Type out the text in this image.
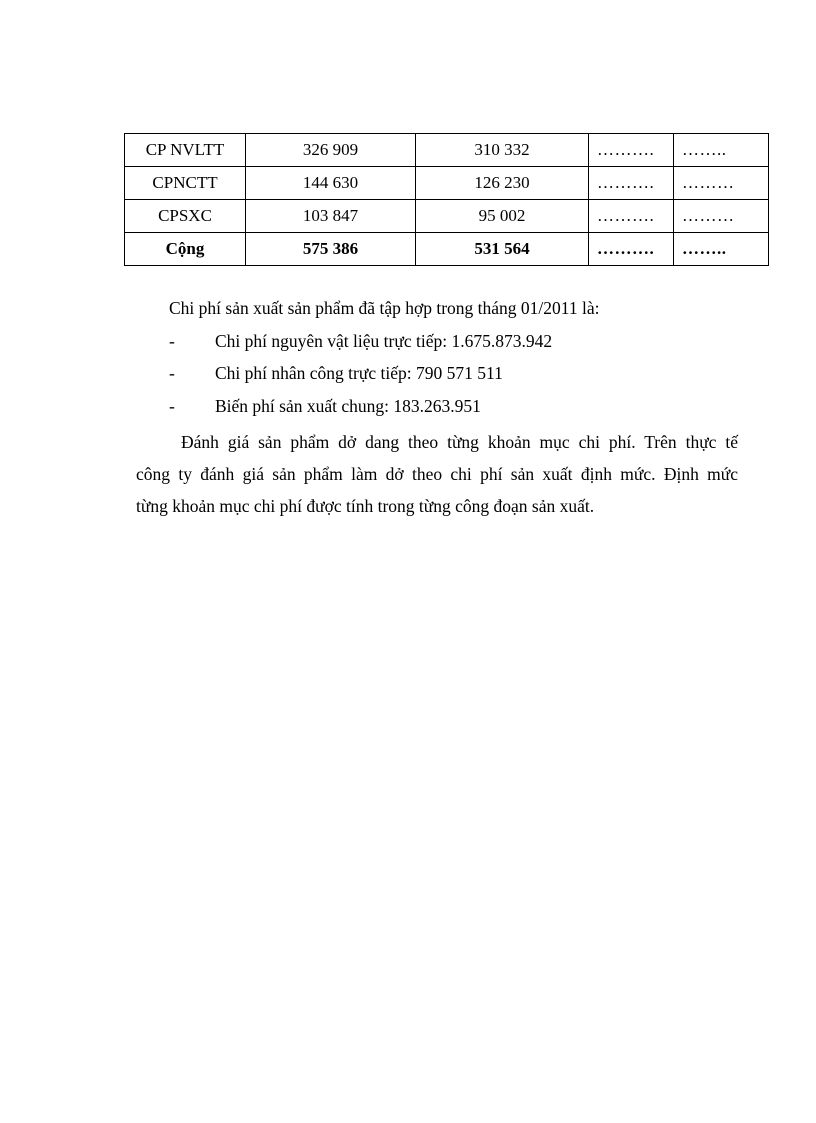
CP NVLTT	326 909	310 332	……….	……..
CPNCTT	144 630	126 230	……….	………
CPSXC	103 847	95 002	……….	………
Cộng	575 386	531 564	……….	……..
Chi phí sản xuất sản phẩm đã tập hợp trong tháng 01/2011 là:
- Chi phí nguyên vật liệu trực tiếp: 1.675.873.942
- Chi phí nhân công trực tiếp: 790 571 511
- Biến phí sản xuất chung: 183.263.951
Đánh giá sản phẩm dở dang theo từng khoản mục chi phí. Trên thực tế
công ty đánh giá sản phẩm làm dở theo chi phí sản xuất định mức. Định mức
từng khoản mục chi phí được tính trong từng công đoạn sản xuất.
